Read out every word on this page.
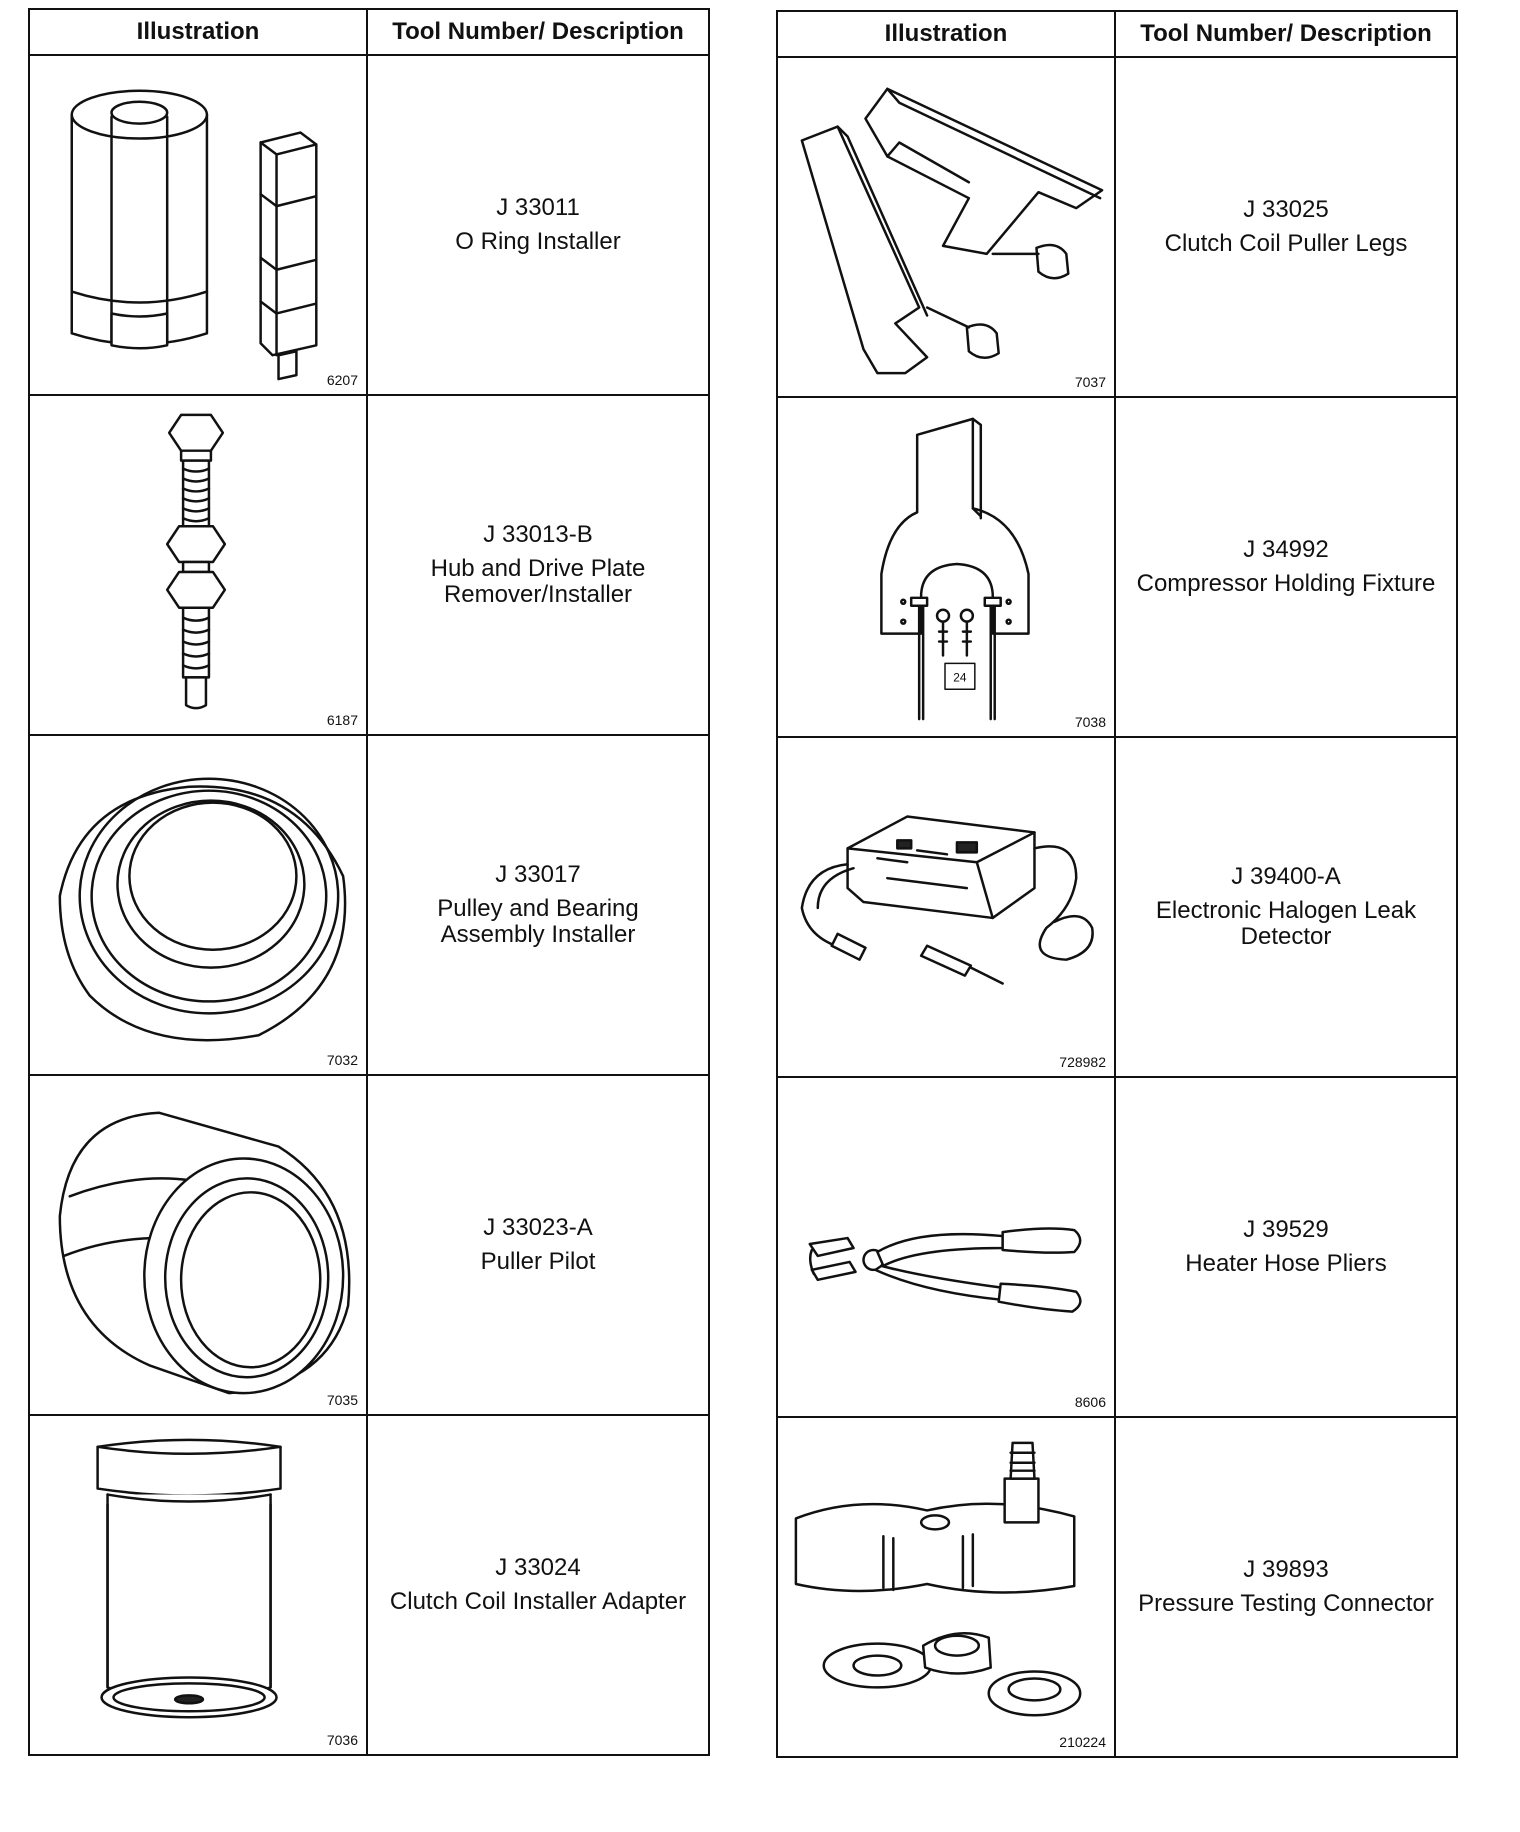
Illustration	Tool Number/ Description

6207	J 33011
O Ring Installer

6187	J 33013-B
Hub and Drive Plate
Remover/Installer

7032	J 33017
Pulley and Bearing
Assembly Installer

7035	J 33023-A
Puller Pilot

7036	J 33024
Clutch Coil Installer Adapter
Illustration	Tool Number/ Description

7037	J 33025
Clutch Coil Puller Legs

24
7038	J 34992
Compressor Holding Fixture

728982	J 39400-A
Electronic Halogen Leak
Detector

8606	J 39529
Heater Hose Pliers

210224	J 39893
Pressure Testing Connector
